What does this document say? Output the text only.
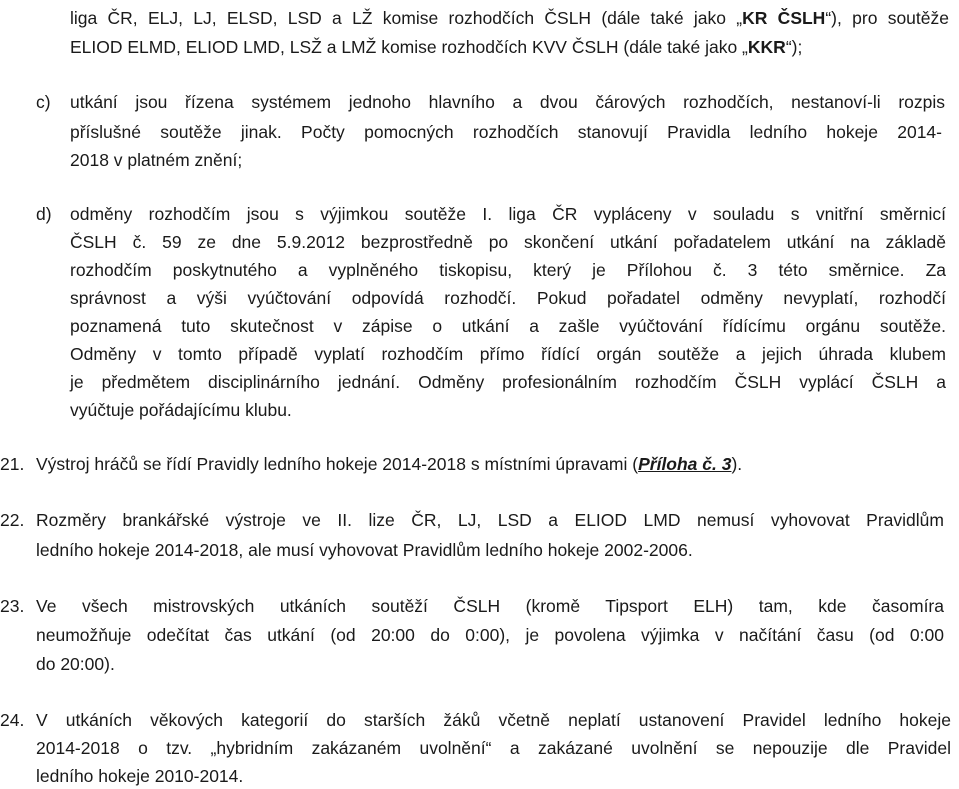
liga ČR, ELJ, LJ, ELSD, LSD a LŽ komise rozhodčích ČSLH (dále také jako „KR ČSLH“), pro soutěže
ELIOD ELMD, ELIOD LMD, LSŽ a LMŽ komise rozhodčích KVV ČSLH (dále také jako „KKR“);
c) utkání jsou řízena systémem jednoho hlavního a dvou čárových rozhodčích, nestanoví-li rozpis
příslušné soutěže jinak. Počty pomocných rozhodčích stanovují Pravidla ledního hokeje 2014-
2018 v platném znění;
d) odměny rozhodčím jsou s výjimkou soutěže I. liga ČR vypláceny v souladu s vnitřní směrnicí
ČSLH č. 59 ze dne 5.9.2012 bezprostředně po skončení utkání pořadatelem utkání na základě
rozhodčím poskytnutého a vyplněného tiskopisu, který je Přílohou č. 3 této směrnice. Za
správnost a výši vyúčtování odpovídá rozhodčí. Pokud pořadatel odměny nevyplatí, rozhodčí
poznamená tuto skutečnost v zápise o utkání a zašle vyúčtování řídícímu orgánu soutěže.
Odměny v tomto případě vyplatí rozhodčím přímo řídící orgán soutěže a jejich úhrada klubem
je předmětem disciplinárního jednání. Odměny profesionálním rozhodčím ČSLH vyplácí ČSLH a
vyúčtuje pořádajícímu klubu.
21. Výstroj hráčů se řídí Pravidly ledního hokeje 2014-2018 s místními úpravami (Příloha č. 3).
22. Rozměry brankářské výstroje ve II. lize ČR, LJ, LSD a ELIOD LMD nemusí vyhovovat Pravidlům
ledního hokeje 2014-2018, ale musí vyhovovat Pravidlům ledního hokeje 2002-2006.
23. Ve všech mistrovských utkáních soutěží ČSLH (kromě Tipsport ELH) tam, kde časomíra
neumožňuje odečítat čas utkání (od 20:00 do 0:00), je povolena výjimka v načítání času (od 0:00
do 20:00).
24. V utkáních věkových kategorií do starších žáků včetně neplatí ustanovení Pravidel ledního hokeje
2014-2018 o tzv. „hybridním zakázaném uvolnění“ a zakázané uvolnění se nepouzije dle Pravidel
ledního hokeje 2010-2014.
